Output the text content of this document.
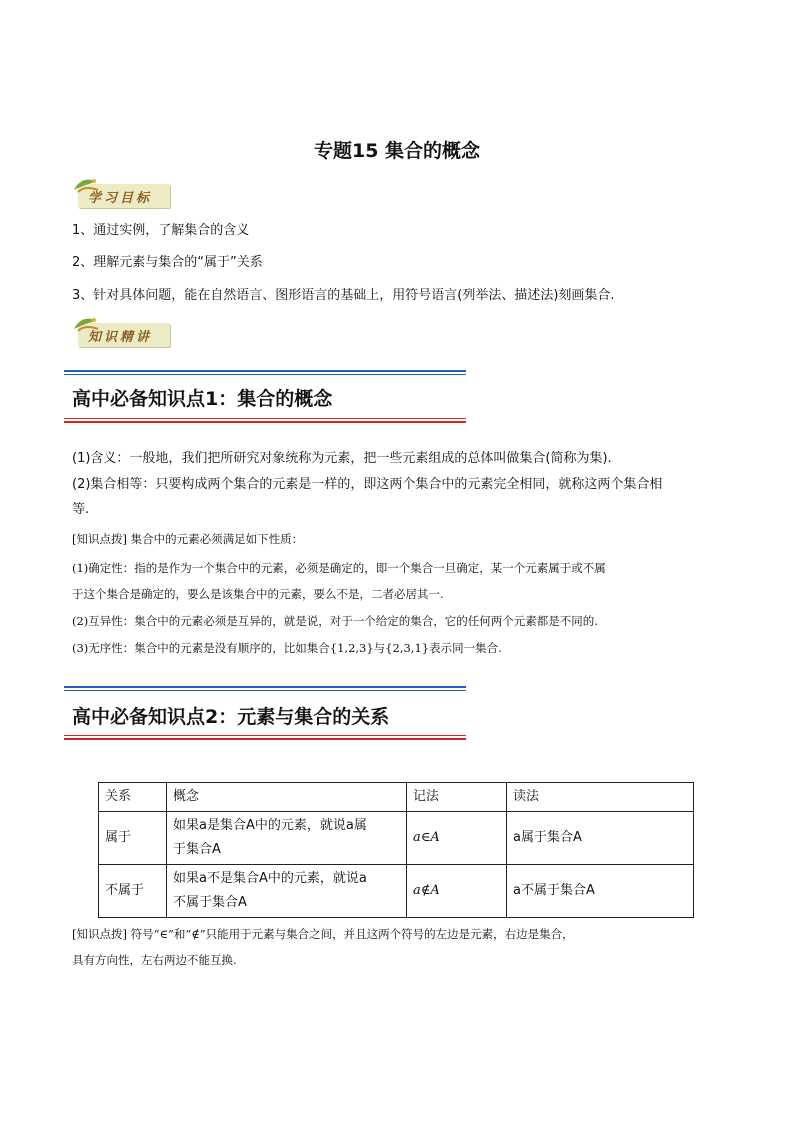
专题15 集合的概念
学习目标
1、通过实例，了解集合的含义
2、理解元素与集合的“属于”关系
3、针对具体问题，能在自然语言、图形语言的基础上，用符号语言(列举法、描述法)刻画集合.
知识精讲
高中必备知识点1：集合的概念
(1)含义：一般地，我们把所研究对象统称为元素，把一些元素组成的总体叫做集合(简称为集).
(2)集合相等：只要构成两个集合的元素是一样的，即这两个集合中的元素完全相同，就称这两个集合相
等.
[知识点拨] 集合中的元素必须满足如下性质：
(1)确定性：指的是作为一个集合中的元素，必须是确定的，即一个集合一旦确定，某一个元素属于或不属
于这个集合是确定的，要么是该集合中的元素，要么不是，二者必居其一.
(2)互异性：集合中的元素必须是互异的，就是说，对于一个给定的集合，它的任何两个元素都是不同的.
(3)无序性：集合中的元素是没有顺序的，比如集合{1,2,3}与{2,3,1}表示同一集合.
高中必备知识点2：元素与集合的关系
关系	概念	记法	读法
属于	如果a是集合A中的元素，就说a属
于集合A	a∈A	a属于集合A
不属于	如果a不是集合A中的元素，就说a
不属于集合A	a∉A	a不属于集合A
[知识点拨] 符号“∈”和“∉”只能用于元素与集合之间，并且这两个符号的左边是元素，右边是集合，
具有方向性，左右两边不能互换.
